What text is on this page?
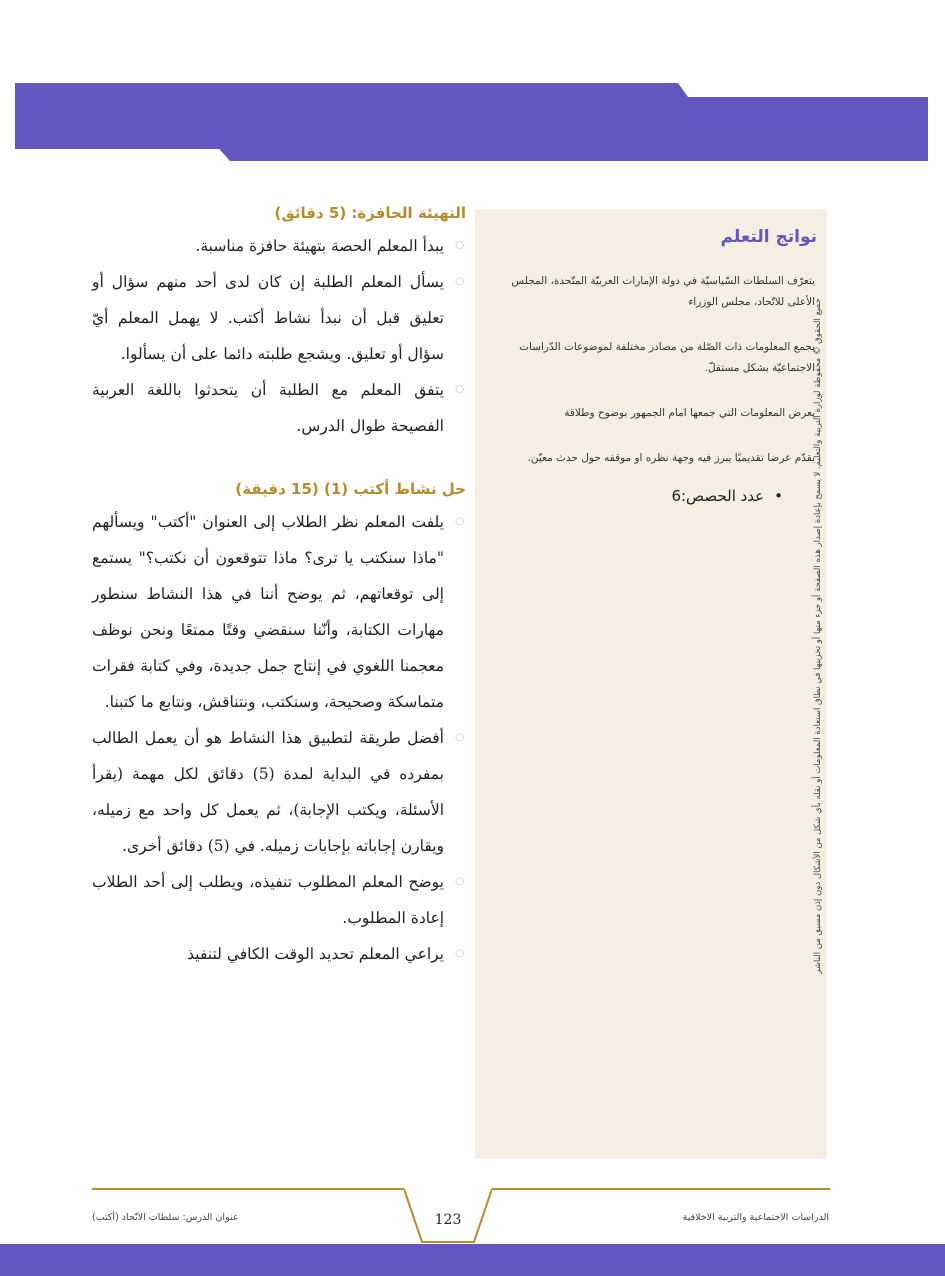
التهيئة الحافزة: (5 دقائق)
◌
يبدأ المعلم الحصة بتهيئة حافزة مناسبة.
◌
يسأل المعلم الطلبة إن كان لدى أحد منهم سؤال أو تعليق قبل أن نبدأ نشاط أكتب. لا يهمل المعلم أيّ سؤال أو تعليق. ويشجع طلبته دائما على أن يسألوا.
◌
يتفق المعلم مع الطلبة أن يتحدثوا باللغة العربية الفصيحة طوال الدرس.
حل نشاط أكتب (1) (15 دقيقة)
◌
يلفت المعلم نظر الطلاب إلى العنوان "أكتب" ويسألهم "ماذا سنكتب يا ترى؟ ماذا تتوقعون أن نكتب؟" يستمع إلى توقعاتهم، ثم يوضح أننا في هذا النشاط سنطور مهارات الكتابة، وأنّنا سنقضي وقتًا ممتعًا ونحن نوظف معجمنا اللغوي في إنتاج جمل جديدة، وفي كتابة فقرات متماسكة وصحيحة، وسنكتب، ونتناقش، ونتابع ما كتبنا.
◌
أفضل طريقة لتطبيق هذا النشاط هو أن يعمل الطالب بمفرده في البداية لمدة (5) دقائق لكل مهمة (يقرأ الأسئلة، ويكتب الإجابة)، ثم يعمل كل واحد مع زميله، ويقارن إجاباته بإجابات زميله. في (5) دقائق أخرى.
◌
يوضح المعلم المطلوب تنفيذه، ويطلب إلى أحد الطلاب إعادة المطلوب.
◌
يراعي المعلم تحديد الوقت الكافي لتنفيذ
نواتج التعلم
يتعرّف السلطات السّياسيّة في دولة الإمارات العربيّة المتّحدة، المجلس الأعلى للاتّحاد، مجلس الوزراء
يجمع المعلومات ذات الصّلة من مصادر مختلفة لموضوعات الدّراسات الاجتماعيّة بشكل مستقلّ.
يعرض المعلومات التي جمعها امام الجمهور بوضوح وطلاقة
يقدّم عرضا تقديميًا يبرز فيه وجهة نظره او موقفه حول حدث معيّن.
•عدد الحصص:6	جميع الحقوق © محفوظة لوزارة التربية والتعليم. لا يسمح بإعادة إصدار هذه الصفحة أو جزء منها أو تخزينها في نطاق استعادة المعلومات أو نقله بأي شكل من الأشكال دون إذن مسبق من الناشر
123
عنوان الدرس: سلطات الاتّحاد (أكتب)	الدراسات الاجتماعية والتربية الاخلاقية
